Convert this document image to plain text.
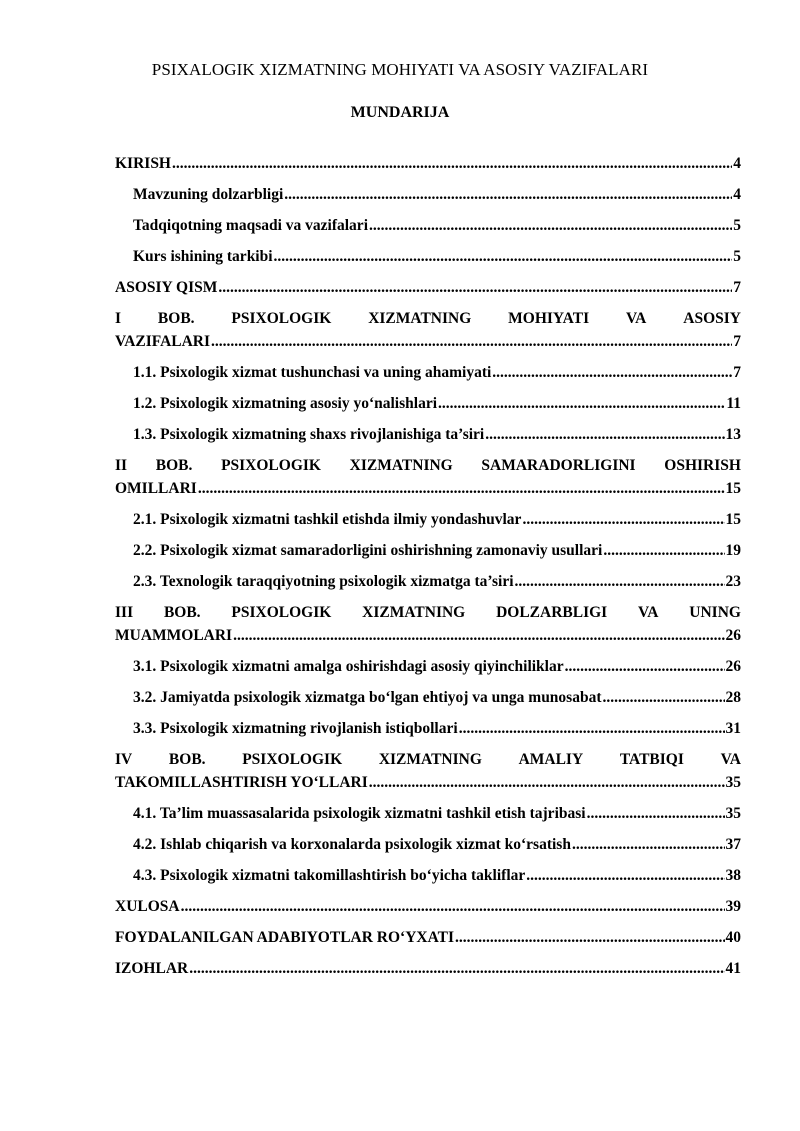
PSIXALOGIK XIZMATNING MOHIYATI VA ASOSIY VAZIFALARI
MUNDARIJA
KIRISH .....	4
Mavzuning dolzarbligi .....	4
Tadqiqotning maqsadi va vazifalari .....	5
Kurs ishining tarkibi .....	5
ASOSIY QISM .....	7
I BOB. PSIXOLOGIK XIZMATNING MOHIYATI VA ASOSIY
VAZIFALARI .....	7
1.1. Psixologik xizmat tushunchasi va uning ahamiyati .....	7
1.2. Psixologik xizmatning asosiy yo‘nalishlari .....	11
1.3. Psixologik xizmatning shaxs rivojlanishiga ta’siri .....	13
II BOB. PSIXOLOGIK XIZMATNING SAMARADORLIGINI OSHIRISH
OMILLARI .....	15
2.1. Psixologik xizmatni tashkil etishda ilmiy yondashuvlar .....	15
2.2. Psixologik xizmat samaradorligini oshirishning zamonaviy usullari .....	19
2.3. Texnologik taraqqiyotning psixologik xizmatga ta’siri .....	23
III BOB. PSIXOLOGIK XIZMATNING DOLZARBLIGI VA UNING
MUAMMOLARI .....	26
3.1. Psixologik xizmatni amalga oshirishdagi asosiy qiyinchiliklar .....	26
3.2. Jamiyatda psixologik xizmatga bo‘lgan ehtiyoj va unga munosabat .....	28
3.3. Psixologik xizmatning rivojlanish istiqbollari .....	31
IV BOB. PSIXOLOGIK XIZMATNING AMALIY TATBIQI VA
TAKOMILLASHTIRISH YO‘LLARI .....	35
4.1. Ta’lim muassasalarida psixologik xizmatni tashkil etish tajribasi .....	35
4.2. Ishlab chiqarish va korxonalarda psixologik xizmat ko‘rsatish .....	37
4.3. Psixologik xizmatni takomillashtirish bo‘yicha takliflar .....	38
XULOSA .....	39
FOYDALANILGAN ADABIYOTLAR RO‘YXATI .....	40
IZOHLAR .....	41
